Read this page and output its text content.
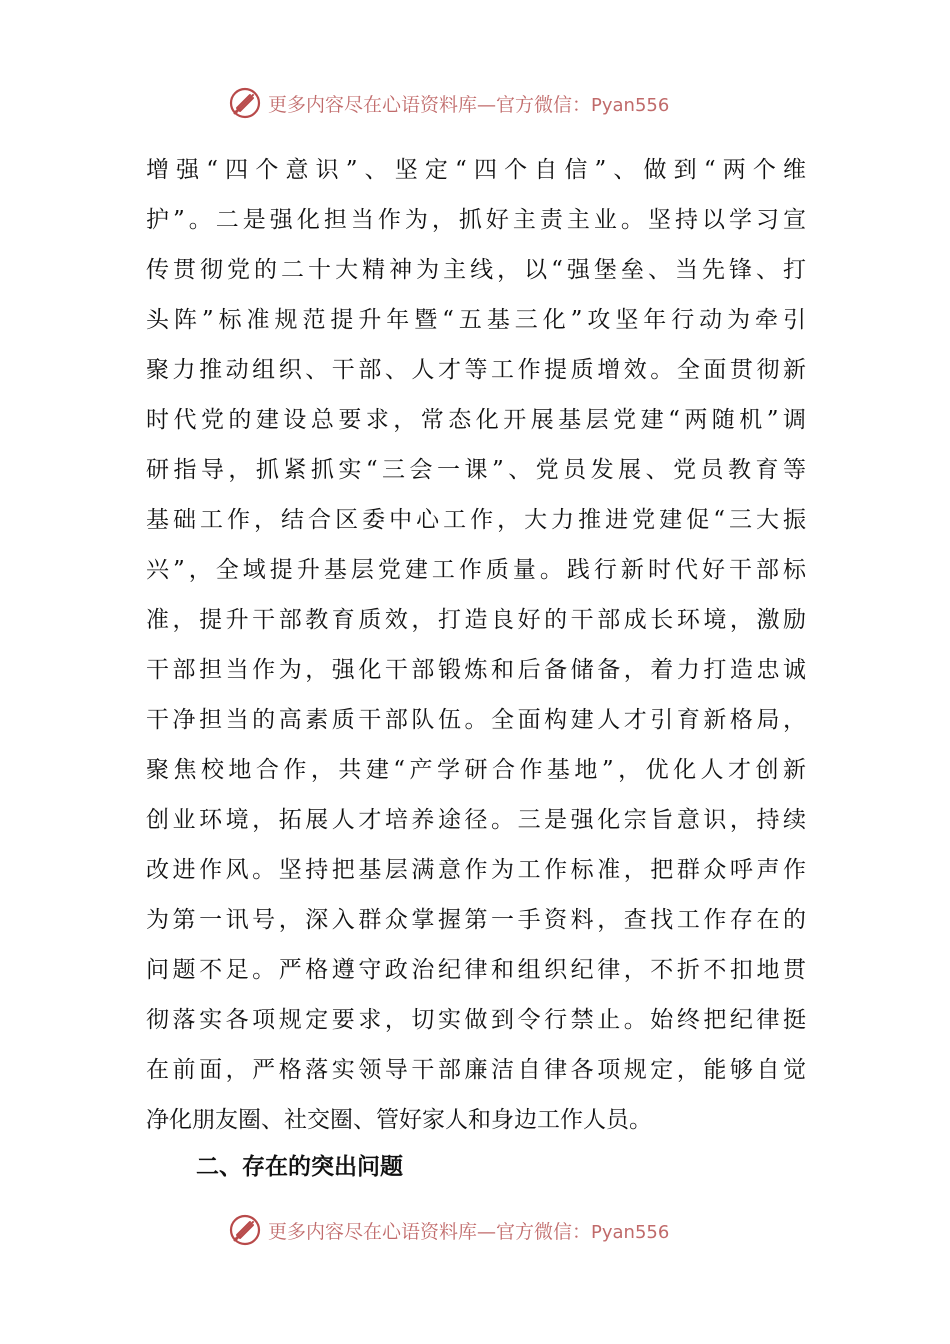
更多内容尽在心语资料库—官方微信：Pyan556
增强“四个意识”、坚定“四个自信”、做到“两个维
护”。二是强化担当作为，抓好主责主业。坚持以学习宣
传贯彻党的二十大精神为主线，以“强堡垒、当先锋、打
头阵”标准规范提升年暨“五基三化”攻坚年行动为牵引
聚力推动组织、干部、人才等工作提质增效。全面贯彻新
时代党的建设总要求，常态化开展基层党建“两随机”调
研指导，抓紧抓实“三会一课”、党员发展、党员教育等
基础工作，结合区委中心工作，大力推进党建促“三大振
兴”，全域提升基层党建工作质量。践行新时代好干部标
准，提升干部教育质效，打造良好的干部成长环境，激励
干部担当作为，强化干部锻炼和后备储备，着力打造忠诚
干净担当的高素质干部队伍。全面构建人才引育新格局，
聚焦校地合作，共建“产学研合作基地”，优化人才创新
创业环境，拓展人才培养途径。三是强化宗旨意识，持续
改进作风。坚持把基层满意作为工作标准，把群众呼声作
为第一讯号，深入群众掌握第一手资料，查找工作存在的
问题不足。严格遵守政治纪律和组织纪律，不折不扣地贯
彻落实各项规定要求，切实做到令行禁止。始终把纪律挺
在前面，严格落实领导干部廉洁自律各项规定，能够自觉
净化朋友圈、社交圈、管好家人和身边工作人员。
二、存在的突出问题
更多内容尽在心语资料库—官方微信：Pyan556
